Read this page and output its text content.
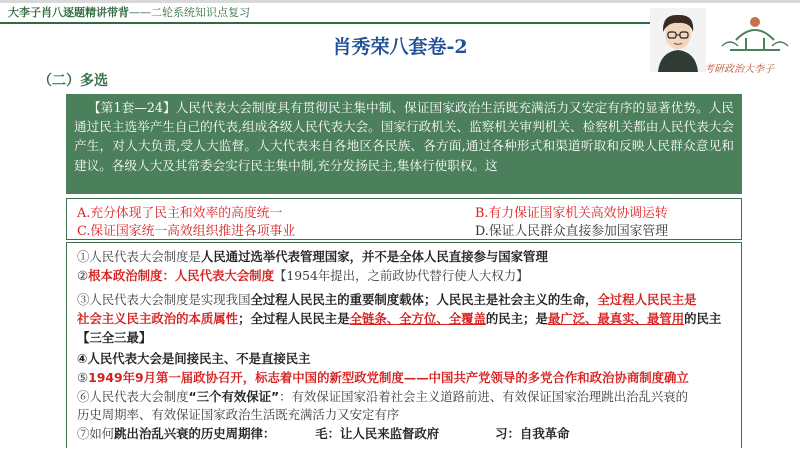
大李子肖八逐题精讲带背——二轮系统知识点复习
肖秀荣八套卷-2
（二）多选
考研政治大李子
【第1套—24】人民代表大会制度具有贯彻民主集中制、保证国家政治生活既充满活力又安定有序的显著优势。人民通过民主选举产生自己的代表,组成各级人民代表大会。国家行政机关、监察机关审判机关、检察机关都由人民代表大会产生，对人大负责,受人大监督。人大代表来自各地区各民族、各方面,通过各种形式和渠道听取和反映人民群众意见和建议。各级人大及其常委会实行民主集中制,充分发扬民主,集体行使职权。这
A.充分体现了民主和效率的高度统一	B.有力保证国家机关高效协调运转
C.保证国家统一高效组织推进各项事业	D.保证人民群众直接参加国家管理
①人民代表大会制度是人民通过选举代表管理国家，并不是全体人民直接参与国家管理
②根本政治制度：人民代表大会制度【1954年提出，之前政协代替行使人大权力】
③人民代表大会制度是实现我国全过程人民民主的重要制度载体；人民民主是社会主义的生命，全过程人民民主是
社会主义民主政治的本质属性；全过程人民民主是全链条、全方位、全覆盖的民主；是最广泛、最真实、最管用的民主
【三全三最】
④人民代表大会是间接民主、不是直接民主
⑤1949年9月第一届政协召开，标志着中国的新型政党制度——中国共产党领导的多党合作和政治协商制度确立
⑥人民代表大会制度“三个有效保证”：有效保证国家沿着社会主义道路前进、有效保证国家治理跳出治乱兴衰的
历史周期率、有效保证国家政治生活既充满活力又安定有序
⑦如何跳出治乱兴衰的历史周期律：	毛：让人民来监督政府	习：自我革命
